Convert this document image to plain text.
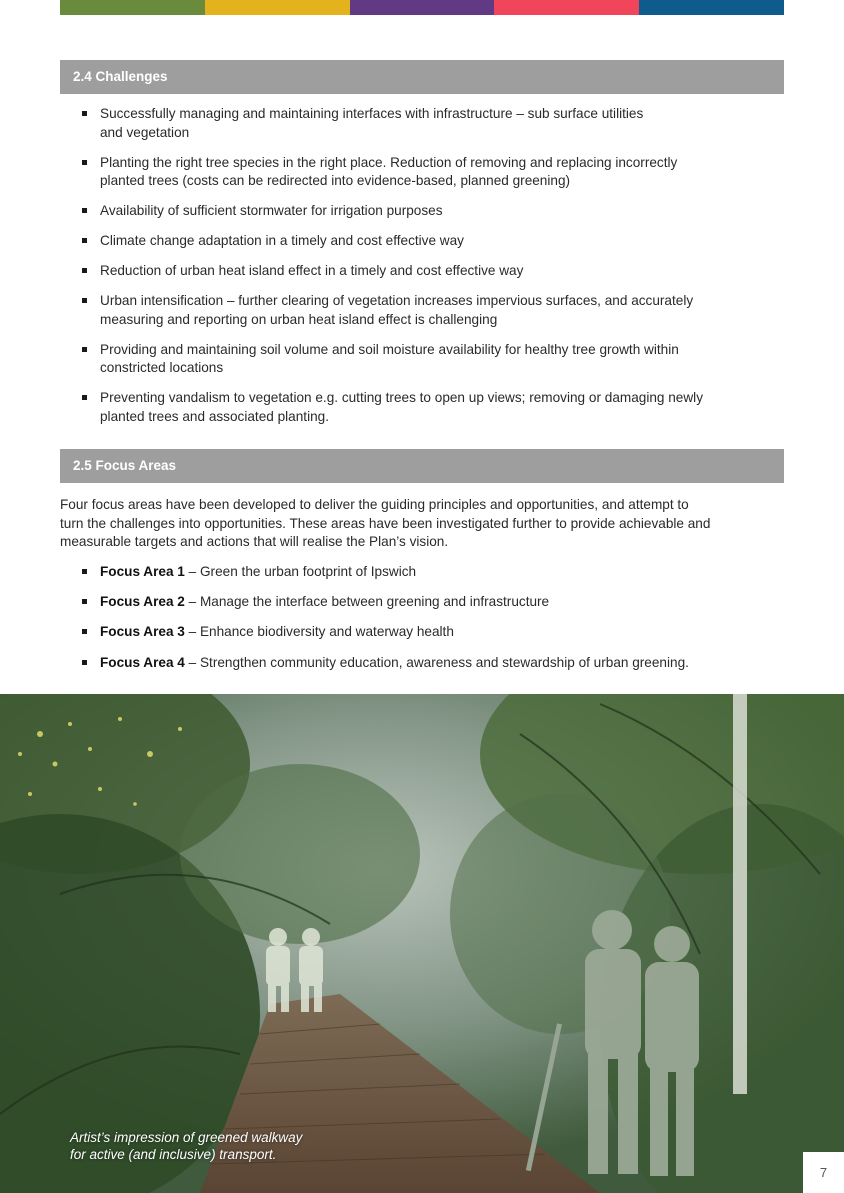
2.4 Challenges
Successfully managing and maintaining interfaces with infrastructure – sub surface utilities
and vegetation
Planting the right tree species in the right place. Reduction of removing and replacing incorrectly
planted trees (costs can be redirected into evidence-based, planned greening)
Availability of sufficient stormwater for irrigation purposes
Climate change adaptation in a timely and cost effective way
Reduction of urban heat island effect in a timely and cost effective way
Urban intensification – further clearing of vegetation increases impervious surfaces, and accurately
measuring and reporting on urban heat island effect is challenging
Providing and maintaining soil volume and soil moisture availability for healthy tree growth within
constricted locations
Preventing vandalism to vegetation e.g. cutting trees to open up views; removing or damaging newly
planted trees and associated planting.
2.5 Focus Areas

Four focus areas have been developed to deliver the guiding principles and opportunities, and attempt to
turn the challenges into opportunities. These areas have been investigated further to provide achievable and
measurable targets and actions that will realise the Plan’s vision.

Focus Area 1 – Green the urban footprint of Ipswich
Focus Area 2 – Manage the interface between greening and infrastructure
Focus Area 3 – Enhance biodiversity and waterway health
Focus Area 4 – Strengthen community education, awareness and stewardship of urban greening.

Artist’s impression of greened walkway
for active (and inclusive) transport.

7
